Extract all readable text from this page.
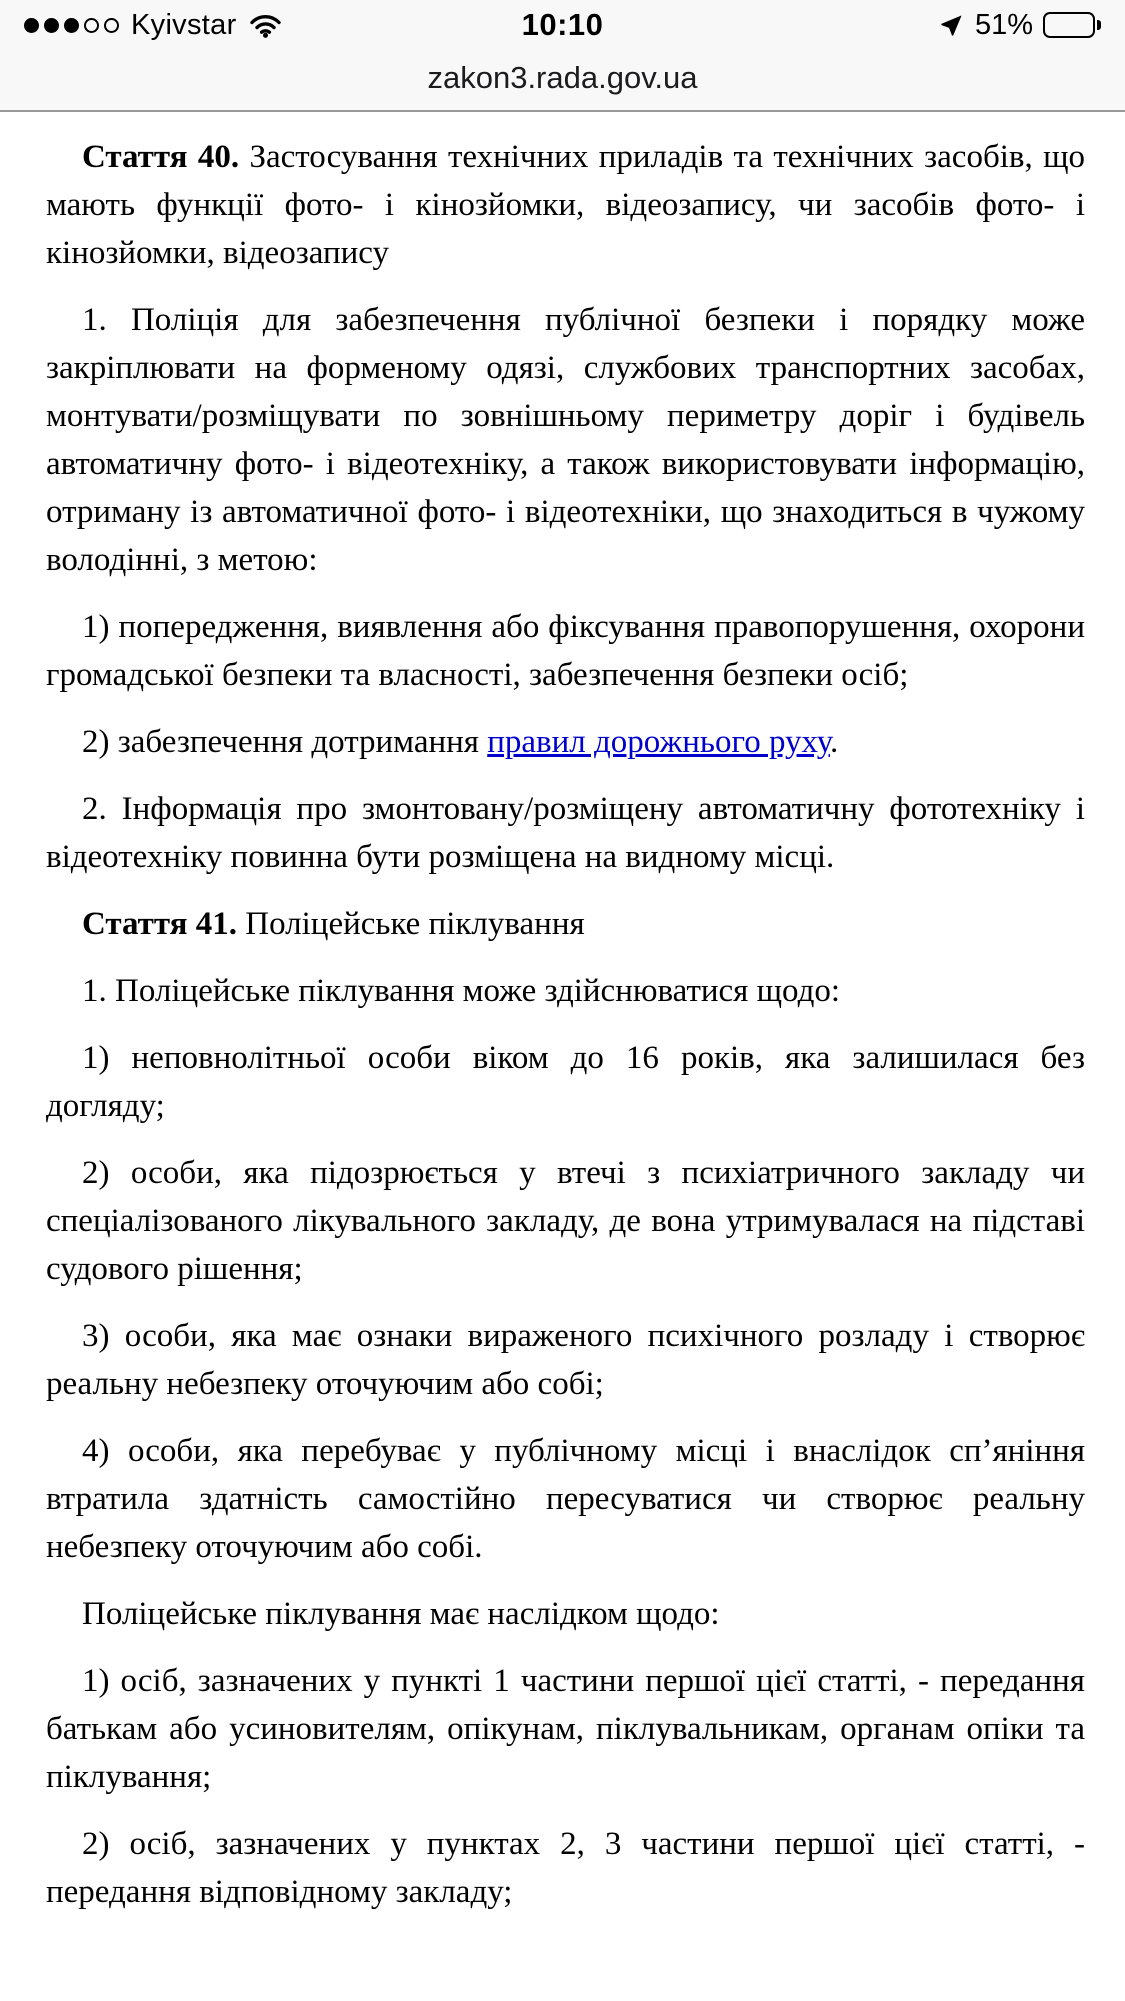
Kyivstar	10:10	51%
zakon3.rada.gov.ua

Стаття 40. Застосування технічних приладів та технічних засобів, що мають функції фото- і кінозйомки, відеозапису, чи засобів фото- і кінозйомки, відеозапису

1. Поліція для забезпечення публічної безпеки і порядку може закріплювати на форменому одязі, службових транспортних засобах, монтувати/розміщувати по зовнішньому периметру доріг і будівель автоматичну фото- і відеотехніку, а також використовувати інформацію, отриману із автоматичної фото- і відеотехніки, що знаходиться в чужому володінні, з метою:

1) попередження, виявлення або фіксування правопорушення, охорони громадської безпеки та власності, забезпечення безпеки осіб;

2) забезпечення дотримання правил дорожнього руху.

2. Інформація про змонтовану/розміщену автоматичну фототехніку і відеотехніку повинна бути розміщена на видному місці.

Стаття 41. Поліцейське піклування

1. Поліцейське піклування може здійснюватися щодо:

1) неповнолітньої особи віком до 16 років, яка залишилася без догляду;

2) особи, яка підозрюється у втечі з психіатричного закладу чи спеціалізованого лікувального закладу, де вона утримувалася на підставі судового рішення;

3) особи, яка має ознаки вираженого психічного розладу і створює реальну небезпеку оточуючим або собі;

4) особи, яка перебуває у публічному місці і внаслідок сп’яніння втратила здатність самостійно пересуватися чи створює реальну небезпеку оточуючим або собі.

Поліцейське піклування має наслідком щодо:

1) осіб, зазначених у пункті 1 частини першої цієї статті, - передання батькам або усиновителям, опікунам, піклувальникам, органам опіки та піклування;

2) осіб, зазначених у пунктах 2, 3 частини першої цієї статті, - передання відповідному закладу;
